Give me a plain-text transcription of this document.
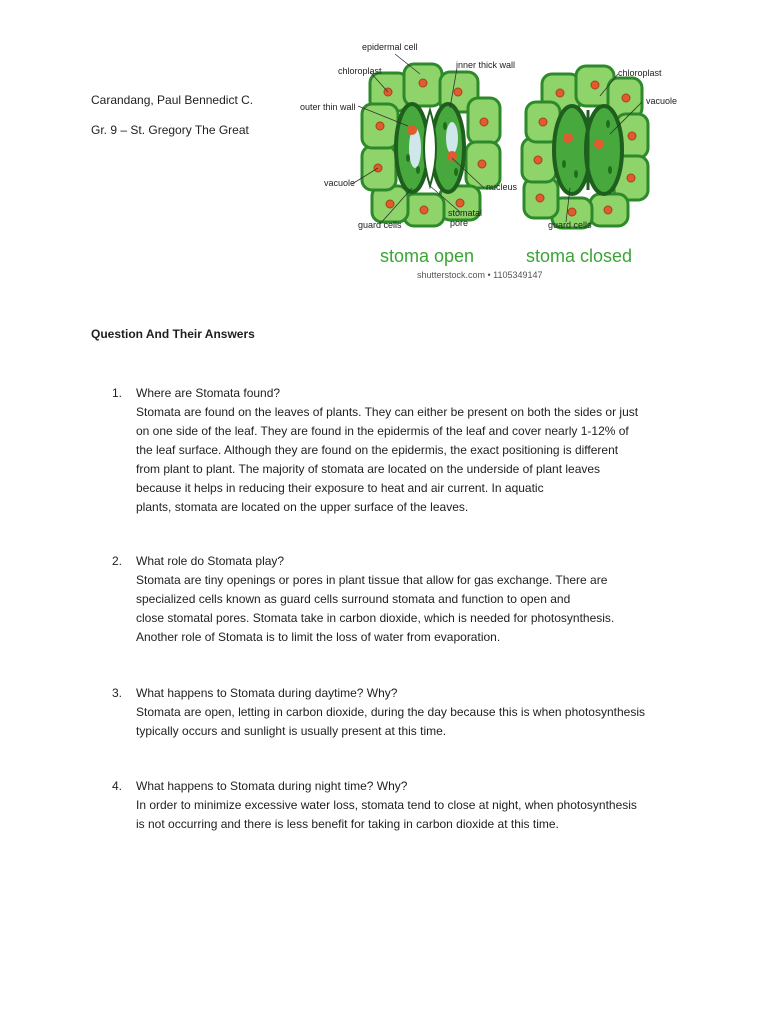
Carandang, Paul Bennedict C.
Gr. 9 – St. Gregory The Great
epidermal cell
chloroplast
inner thick wall
outer thin wall
vacuole
guard cells
stomatal pore
nucleus
chloroplast
vacuole
guard cells
stoma open	stoma closed
shutterstock.com • 1105349147
Question And Their Answers
1. Where are Stomata found?
Stomata are found on the leaves of plants. They can either be present on both the sides or just
on one side of the leaf. They are found in the epidermis of the leaf and cover nearly 1-12% of
the leaf surface. Although they are found on the epidermis, the exact positioning is different
from plant to plant. The majority of stomata are located on the underside of plant leaves
because it helps in reducing their exposure to heat and air current. In aquatic
plants, stomata are located on the upper surface of the leaves.
2. What role do Stomata play?
Stomata are tiny openings or pores in plant tissue that allow for gas exchange. There are
specialized cells known as guard cells surround stomata and function to open and
close stomatal pores. Stomata take in carbon dioxide, which is needed for photosynthesis.
Another role of Stomata is to limit the loss of water from evaporation.
3. What happens to Stomata during daytime? Why?
Stomata are open, letting in carbon dioxide, during the day because this is when photosynthesis
typically occurs and sunlight is usually present at this time.
4. What happens to Stomata during night time? Why?
In order to minimize excessive water loss, stomata tend to close at night, when photosynthesis
is not occurring and there is less benefit for taking in carbon dioxide at this time.
